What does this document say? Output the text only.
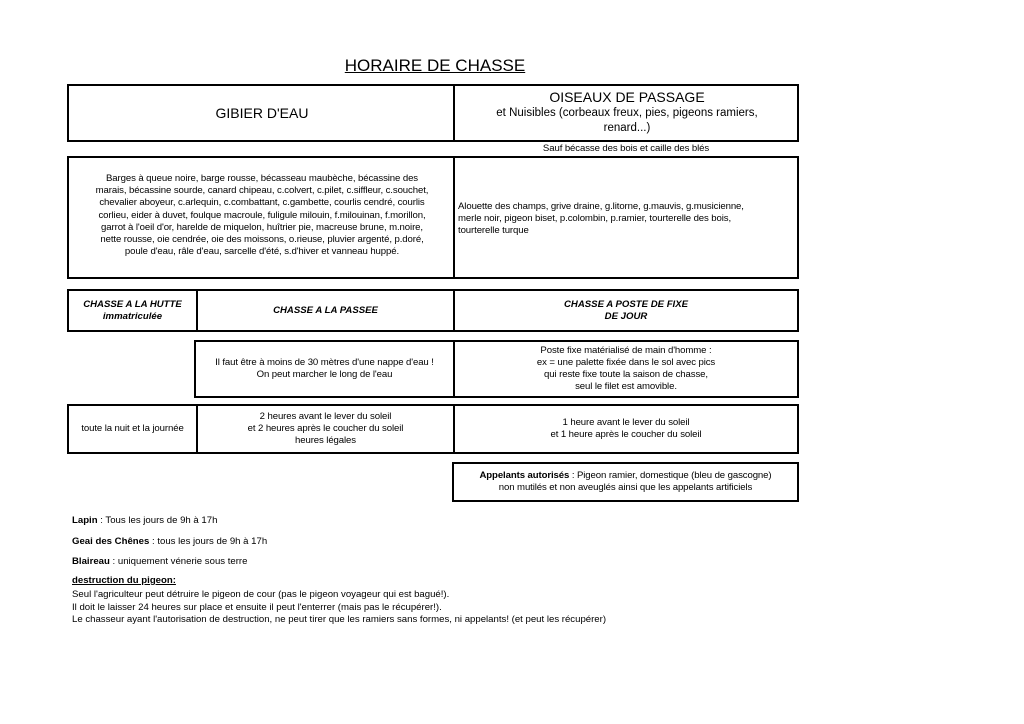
HORAIRE DE CHASSE
GIBIER D'EAU
OISEAUX DE PASSAGE
et Nuisibles (corbeaux freux, pies, pigeons ramiers,
renard...)
Sauf bécasse des bois et caille des blés

Barges à queue noire, barge rousse, bécasseau maubèche, bécassine des

marais, bécassine sourde, canard chipeau, c.colvert, c.pilet, c.siffleur, c.souchet,

chevalier aboyeur, c.arlequin, c.combattant, c.gambette, courlis cendré, courlis

corlieu, eider à duvet, foulque macroule, fuligule milouin, f.milouinan, f.morillon,

garrot à l'oeil d'or, harelde de miquelon, huîtrier pie, macreuse brune, m.noire,

nette rousse, oie cendrée, oie des moissons, o.rieuse, pluvier argenté, p.doré,

poule d'eau, râle d'eau, sarcelle d'été, s.d'hiver et vanneau huppé.

Alouette des champs, grive draine, g.litorne, g.mauvis, g.musicienne,

merle noir, pigeon biset, p.colombin, p.ramier, tourterelle des bois,

tourterelle turque

CHASSE A LA HUTTE
immatriculée
CHASSE A LA PASSEE
CHASSE A POSTE DE FIXE
DE JOUR
Il faut être à moins de 30 mètres d'une nappe d'eau !
On peut marcher le long de l'eau
Poste fixe matérialisé de main d'homme :
ex = une palette fixée dans le sol avec pics
qui reste fixe toute la saison de chasse,
seul le filet est amovible.
toute la nuit et la journée
2 heures avant le lever du soleil
et 2 heures après le coucher du soleil
heures légales
1 heure avant le lever du soleil
et 1 heure après le coucher du soleil
Appelants autorisés : Pigeon ramier, domestique (bleu de gascogne)
non mutilés et non aveuglés ainsi que les appelants artificiels
Lapin : Tous les jours de 9h à 17h
Geai des Chênes : tous les jours de 9h à 17h
Blaireau : uniquement vénerie sous terre
destruction du pigeon:

Seul l'agriculteur peut détruire le pigeon de cour (pas le pigeon voyageur qui est bagué!).

Il doit le laisser 24 heures sur place et ensuite il peut l'enterrer (mais pas le récupérer!).

Le chasseur ayant l'autorisation de destruction, ne peut tirer que les ramiers sans formes, ni appelants! (et peut les récupérer)
